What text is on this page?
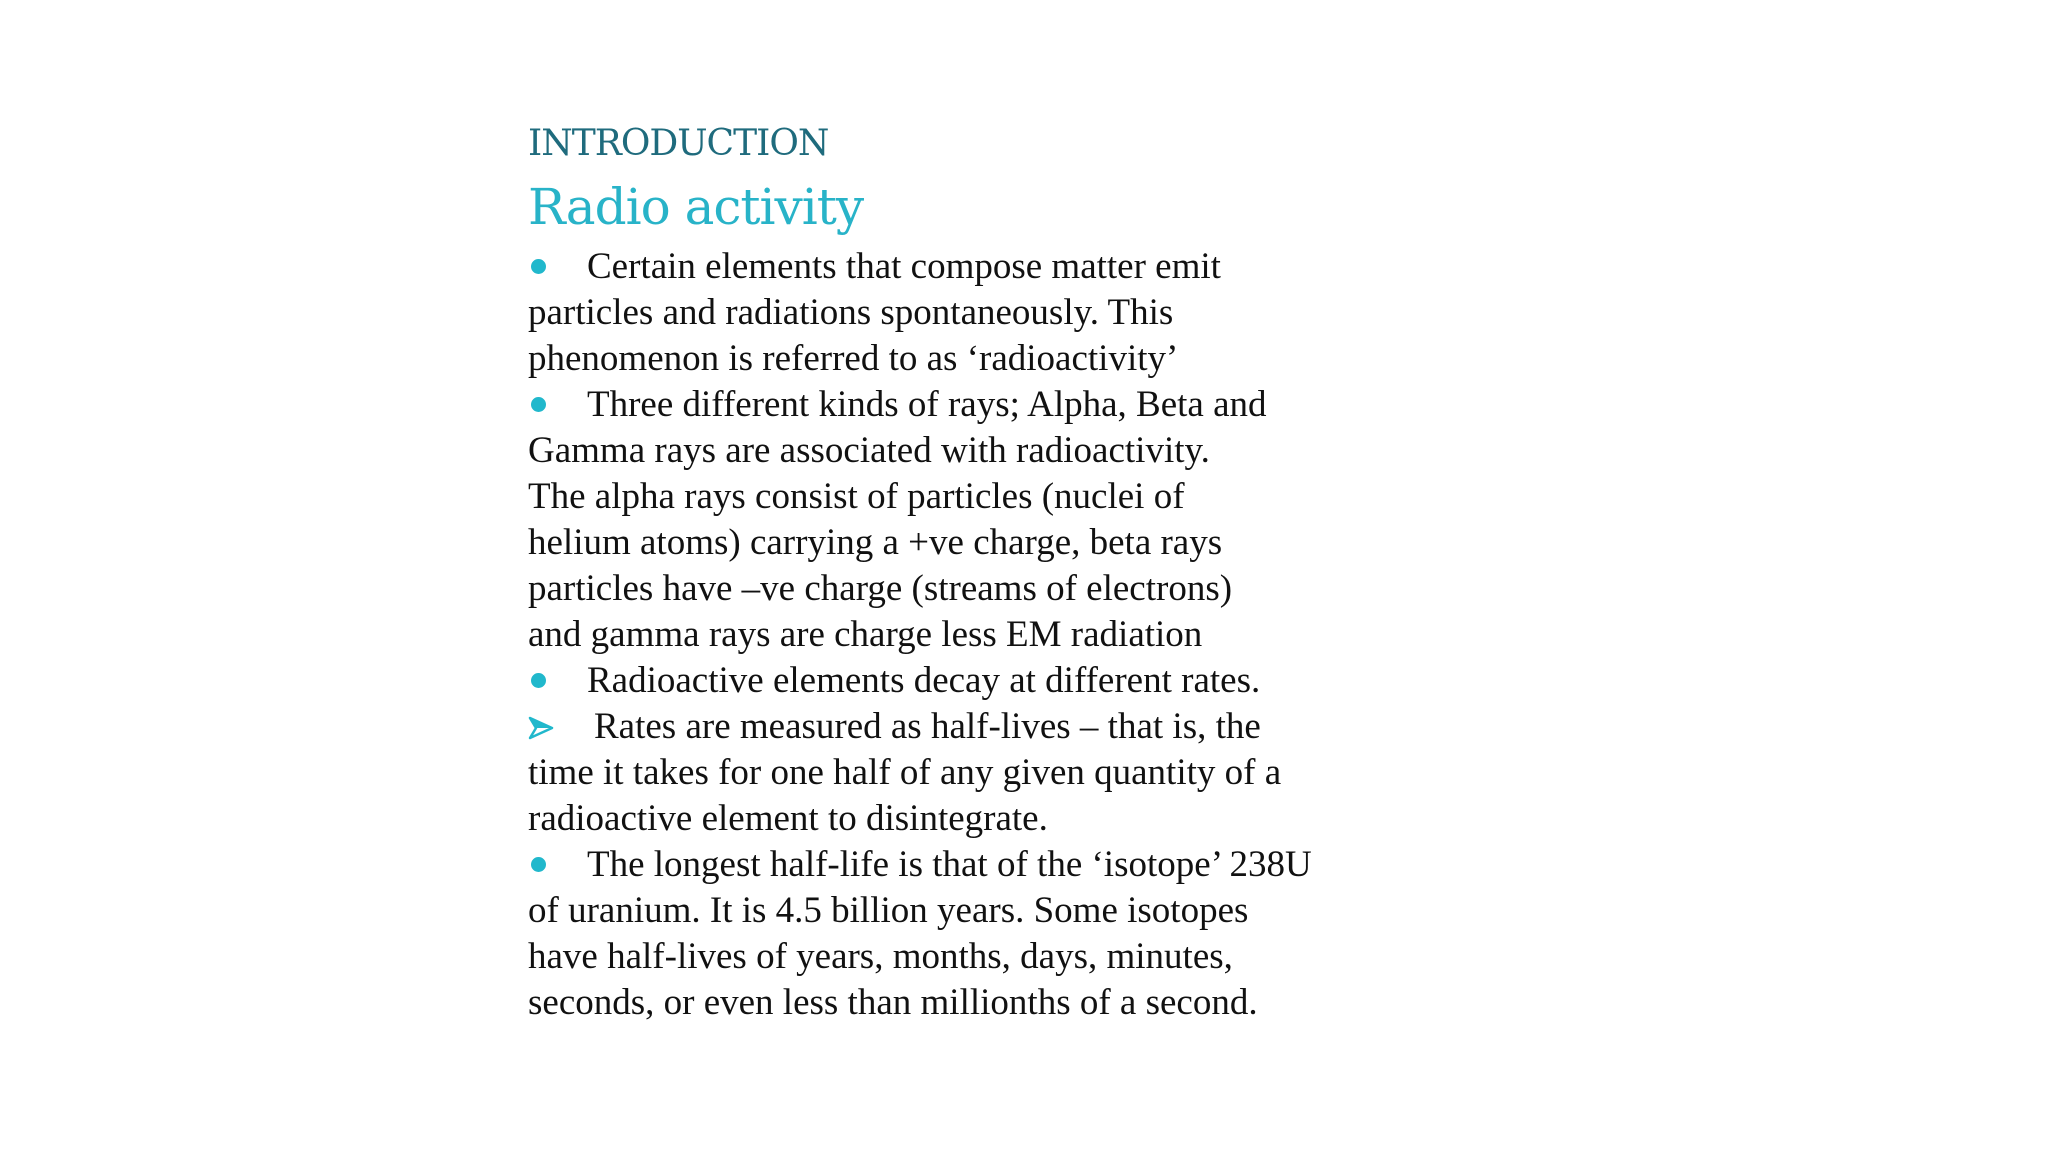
INTRODUCTION
Radio activity
Certain elements that compose matter emit
particles and radiations spontaneously. This
phenomenon is referred to as ‘radioactivity’
Three different kinds of rays; Alpha, Beta and
Gamma rays are associated with radioactivity.
The alpha rays consist of particles (nuclei of
helium atoms) carrying a +ve charge, beta rays
particles have –ve charge (streams of electrons)
and gamma rays are charge less EM radiation
Radioactive elements decay at different rates.
Rates are measured as half-lives – that is, the
time it takes for one half of any given quantity of a
radioactive element to disintegrate.
The longest half-life is that of the ‘isotope’ 238U
of uranium. It is 4.5 billion years. Some isotopes
have half-lives of years, months, days, minutes,
seconds, or even less than millionths of a second.
